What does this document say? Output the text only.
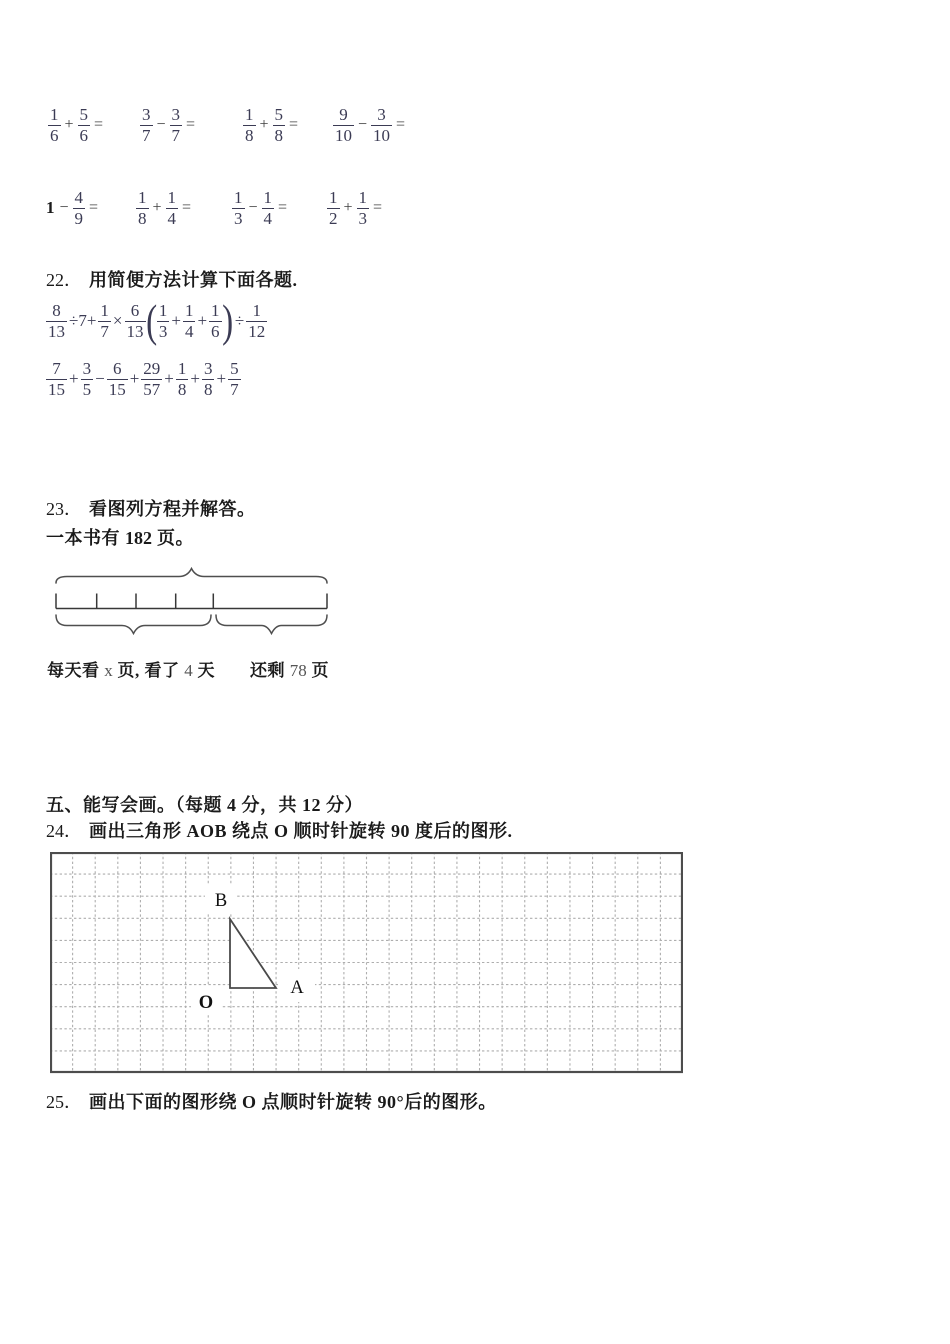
$\frac{1}{6} + \frac{5}{6} = \frac{3}{7} - \frac{3}{7}$ =	$\frac{1}{8} + \frac{5}{8} = \frac{9}{10} - \frac{3}{10}$ =
$1 - \frac{4}{9} = \frac{1}{8} + \frac{1}{4} = \frac{1}{3} - \frac{1}{4} = \frac{1}{2} + \frac{1}{3}$ =
22． 用简便方法计算下面各题.
$\frac{8}{13} \div 7+ \frac{1}{7} \times \frac{6}{13}$ ( $\frac{1}{3} + \frac{1}{4} + \frac{1}{6}$ ) ÷ $\frac{1}{12}$
$\frac{7}{15} + \frac{3}{5} - \frac{6}{15} + \frac{29}{57} + \frac{1}{8} + \frac{3}{8} + \frac{5}{7}$
23． 看图列方程并解答。
一本书有 182 页。
每天看 x 页, 看了 4 天 还剩 78 页
五、能写会画。（每题 4 分，共 12 分）
24． 画出三角形 AOB 绕点 O 顺时针旋转 90 度后的图形.
B
O
A
25． 画出下面的图形绕 O 点顺时针旋转 90°后的图形。
